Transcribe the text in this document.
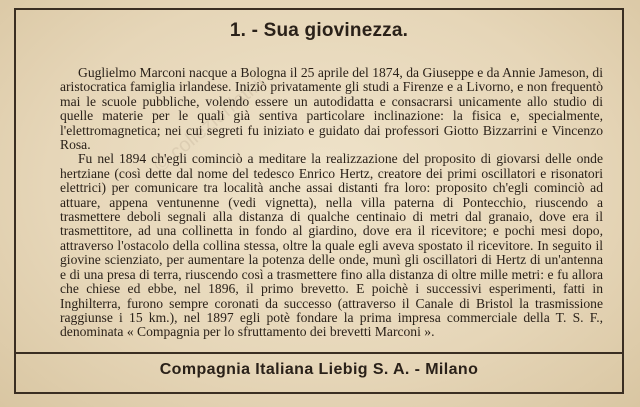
© collezionisti.it
1. - Sua giovinezza.

Guglielmo Marconi nacque a Bologna il 25 aprile del 1874, da Giuseppe e da Annie Jameson, di aristocratica famiglia irlandese. Iniziò privatamente gli studi a Firenze e a Livorno, e non frequentò mai le scuole pubbliche, volendo essere un autodidatta e consacrarsi unicamente allo studio di quelle materie per le quali già sentiva particolare inclinazione: la fisica e, specialmente, l'elettromagnetica; nei cui segreti fu iniziato e guidato dai professori Giotto Bizzarrini e Vincenzo Rosa.

Fu nel 1894 ch'egli cominciò a meditare la realizzazione del proposito di giovarsi delle onde hertziane (così dette dal nome del tedesco Enrico Hertz, creatore dei primi oscillatori e risonatori elettrici) per comunicare tra località anche assai distanti fra loro: proposito ch'egli cominciò ad attuare, appena ventunenne (vedi vignetta), nella villa paterna di Pontecchio, riuscendo a trasmettere deboli segnali alla distanza di qualche centinaio di metri dal granaio, dove era il trasmettitore, ad una collinetta in fondo al giardino, dove era il ricevitore; e pochi mesi dopo, attraverso l'ostacolo della collina stessa, oltre la quale egli aveva spostato il ricevitore. In seguito il giovine scienziato, per aumentare la potenza delle onde, munì gli oscillatori di Hertz di un'antenna e di una presa di terra, riuscendo così a trasmettere fino alla distanza di oltre mille metri: e fu allora che chiese ed ebbe, nel 1896, il primo brevetto. E poichè i successivi esperimenti, fatti in Inghilterra, furono sempre coronati da successo (attraverso il Canale di Bristol la trasmissione raggiunse i 15 km.), nel 1897 egli potè fondare la prima impresa commerciale della T. S. F., denominata « Compagnia per lo sfruttamento dei brevetti Marconi ».

Compagnia Italiana Liebig S. A. - Milano
